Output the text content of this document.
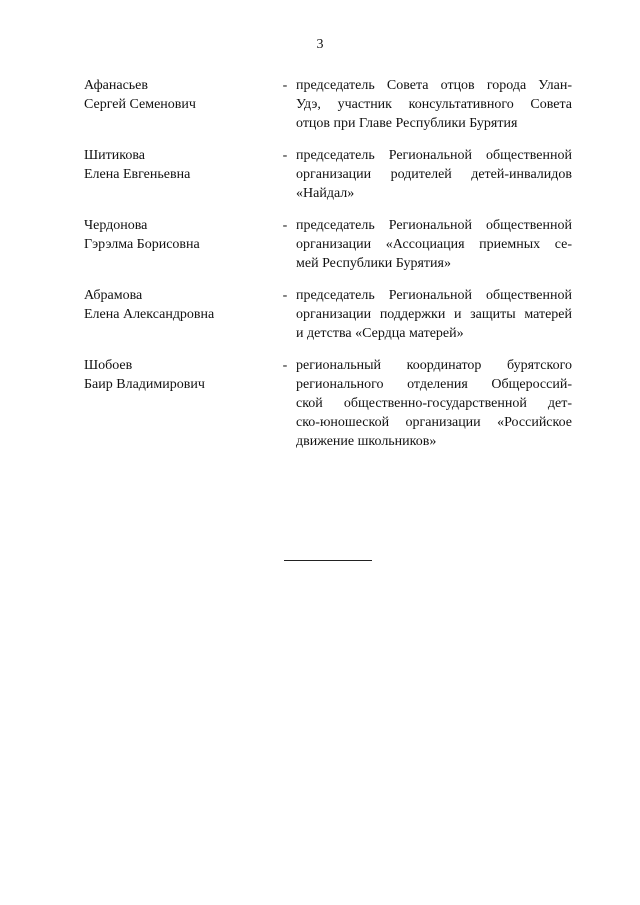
3
Афанасьев
Сергей Семенович
- председатель Совета отцов города Улан-
Удэ, участник консультативного Совета
отцов при Главе Республики Бурятия
Шитикова
Елена Евгеньевна
- председатель Региональной общественной
организации родителей детей-инвалидов
«Найдал»
Чердонова
Гэрэлма Борисовна
- председатель Региональной общественной
организации «Ассоциация приемных се-
мей Республики Бурятия»
Абрамова
Елена Александровна
- председатель Региональной общественной
организации поддержки и защиты матерей
и детства «Сердца матерей»
Шобоев
Баир Владимирович
- региональный координатор бурятского
регионального отделения Общероссий-
ской общественно-государственной дет-
ско-юношеской организации «Российское
движение школьников»
